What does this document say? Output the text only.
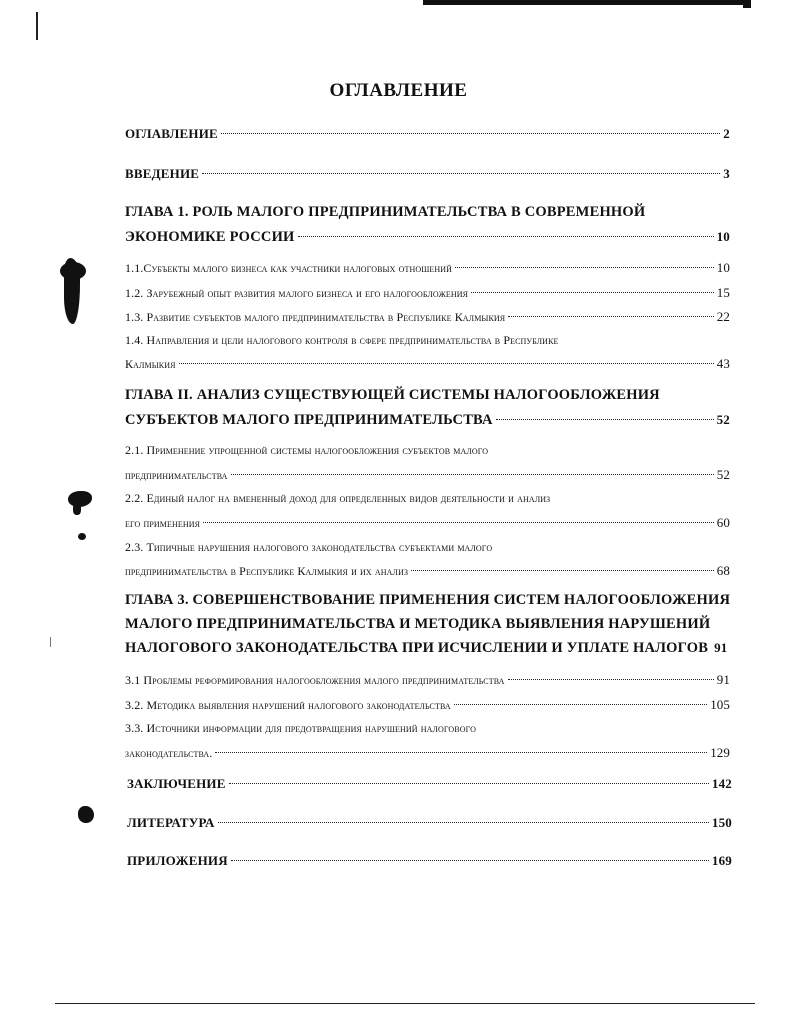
ОГЛАВЛЕНИЕ
ОГЛАВЛЕНИЕ	2
ВВЕДЕНИЕ	3
ГЛАВА 1. РОЛЬ МАЛОГО ПРЕДПРИНИМАТЕЛЬСТВА В СОВРЕМЕННОЙ
ЭКОНОМИКЕ РОССИИ	10
1.1.Субъекты малого бизнеса как участники налоговых отношений	10
1.2. Зарубежный опыт развития малого бизнеса и его налогообложения	15
1.3. Развитие субъектов малого предпринимательства в Республике Калмыкия	22
1.4. Направления и цели налогового контроля в сфере предпринимательства в Республике
Калмыкия	43
ГЛАВА II. АНАЛИЗ СУЩЕСТВУЮЩЕЙ СИСТЕМЫ НАЛОГООБЛОЖЕНИЯ
СУБЪЕКТОВ МАЛОГО ПРЕДПРИНИМАТЕЛЬСТВА	52
2.1. Применение упрощенной системы налогообложения субъектов малого
предпринимательства	52
2.2. Единый налог на вмененный доход для определенных видов деятельности и анализ
его применения	60
2.3. Типичные нарушения налогового законодательства субъектами малого
предпринимательства в Республике Калмыкия и их анализ	68
ГЛАВА 3. СОВЕРШЕНСТВОВАНИЕ ПРИМЕНЕНИЯ СИСТЕМ НАЛОГООБЛОЖЕНИЯ
МАЛОГО ПРЕДПРИНИМАТЕЛЬСТВА И МЕТОДИКА ВЫЯВЛЕНИЯ НАРУШЕНИЙ
НАЛОГОВОГО ЗАКОНОДАТЕЛЬСТВА ПРИ ИСЧИСЛЕНИИ И УПЛАТЕ НАЛОГОВ 91
3.1 Проблемы реформирования налогообложения малого предпринимательства	91
3.2. Методика выявления нарушений налогового законодательства	105
3.3. Источники информации для предотвращения нарушений налогового
законодательства.	129
ЗАКЛЮЧЕНИЕ	142
ЛИТЕРАТУРА	150
ПРИЛОЖЕНИЯ	169
